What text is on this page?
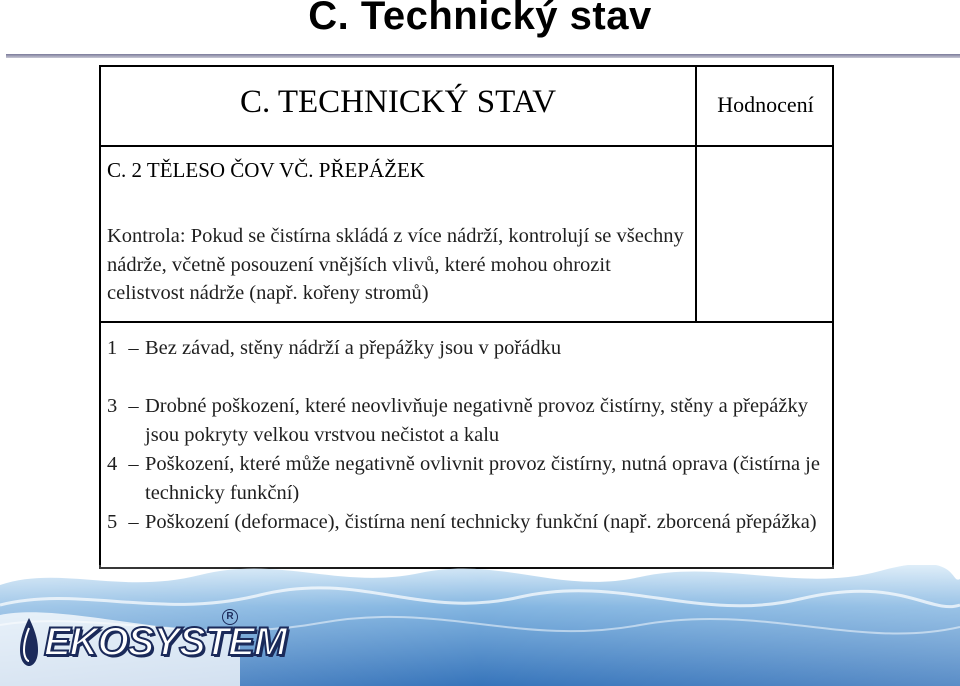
C. Technický stav
C. TECHNICKÝ STAV	Hodnocení
C. 2 TĚLESO ČOV VČ. PŘEPÁŽEK
Kontrola: Pokud se čistírna skládá z více nádrží, kontrolují se všechny nádrže, včetně posouzení vnějších vlivů, které mohou ohrozit celistvost nádrže (např. kořeny stromů)
1 – Bez závad, stěny nádrží a přepážky jsou v pořádku
3 – Drobné poškození, které neovlivňuje negativně provoz čistírny, stěny a přepážky jsou pokryty velkou vrstvou nečistot a kalu
4 – Poškození, které může negativně ovlivnit provoz čistírny, nutná oprava (čistírna je technicky funkční)
5 – Poškození (deformace), čistírna není technicky funkční (např. zborcená přepážka)
EKOSYSTEM
R
